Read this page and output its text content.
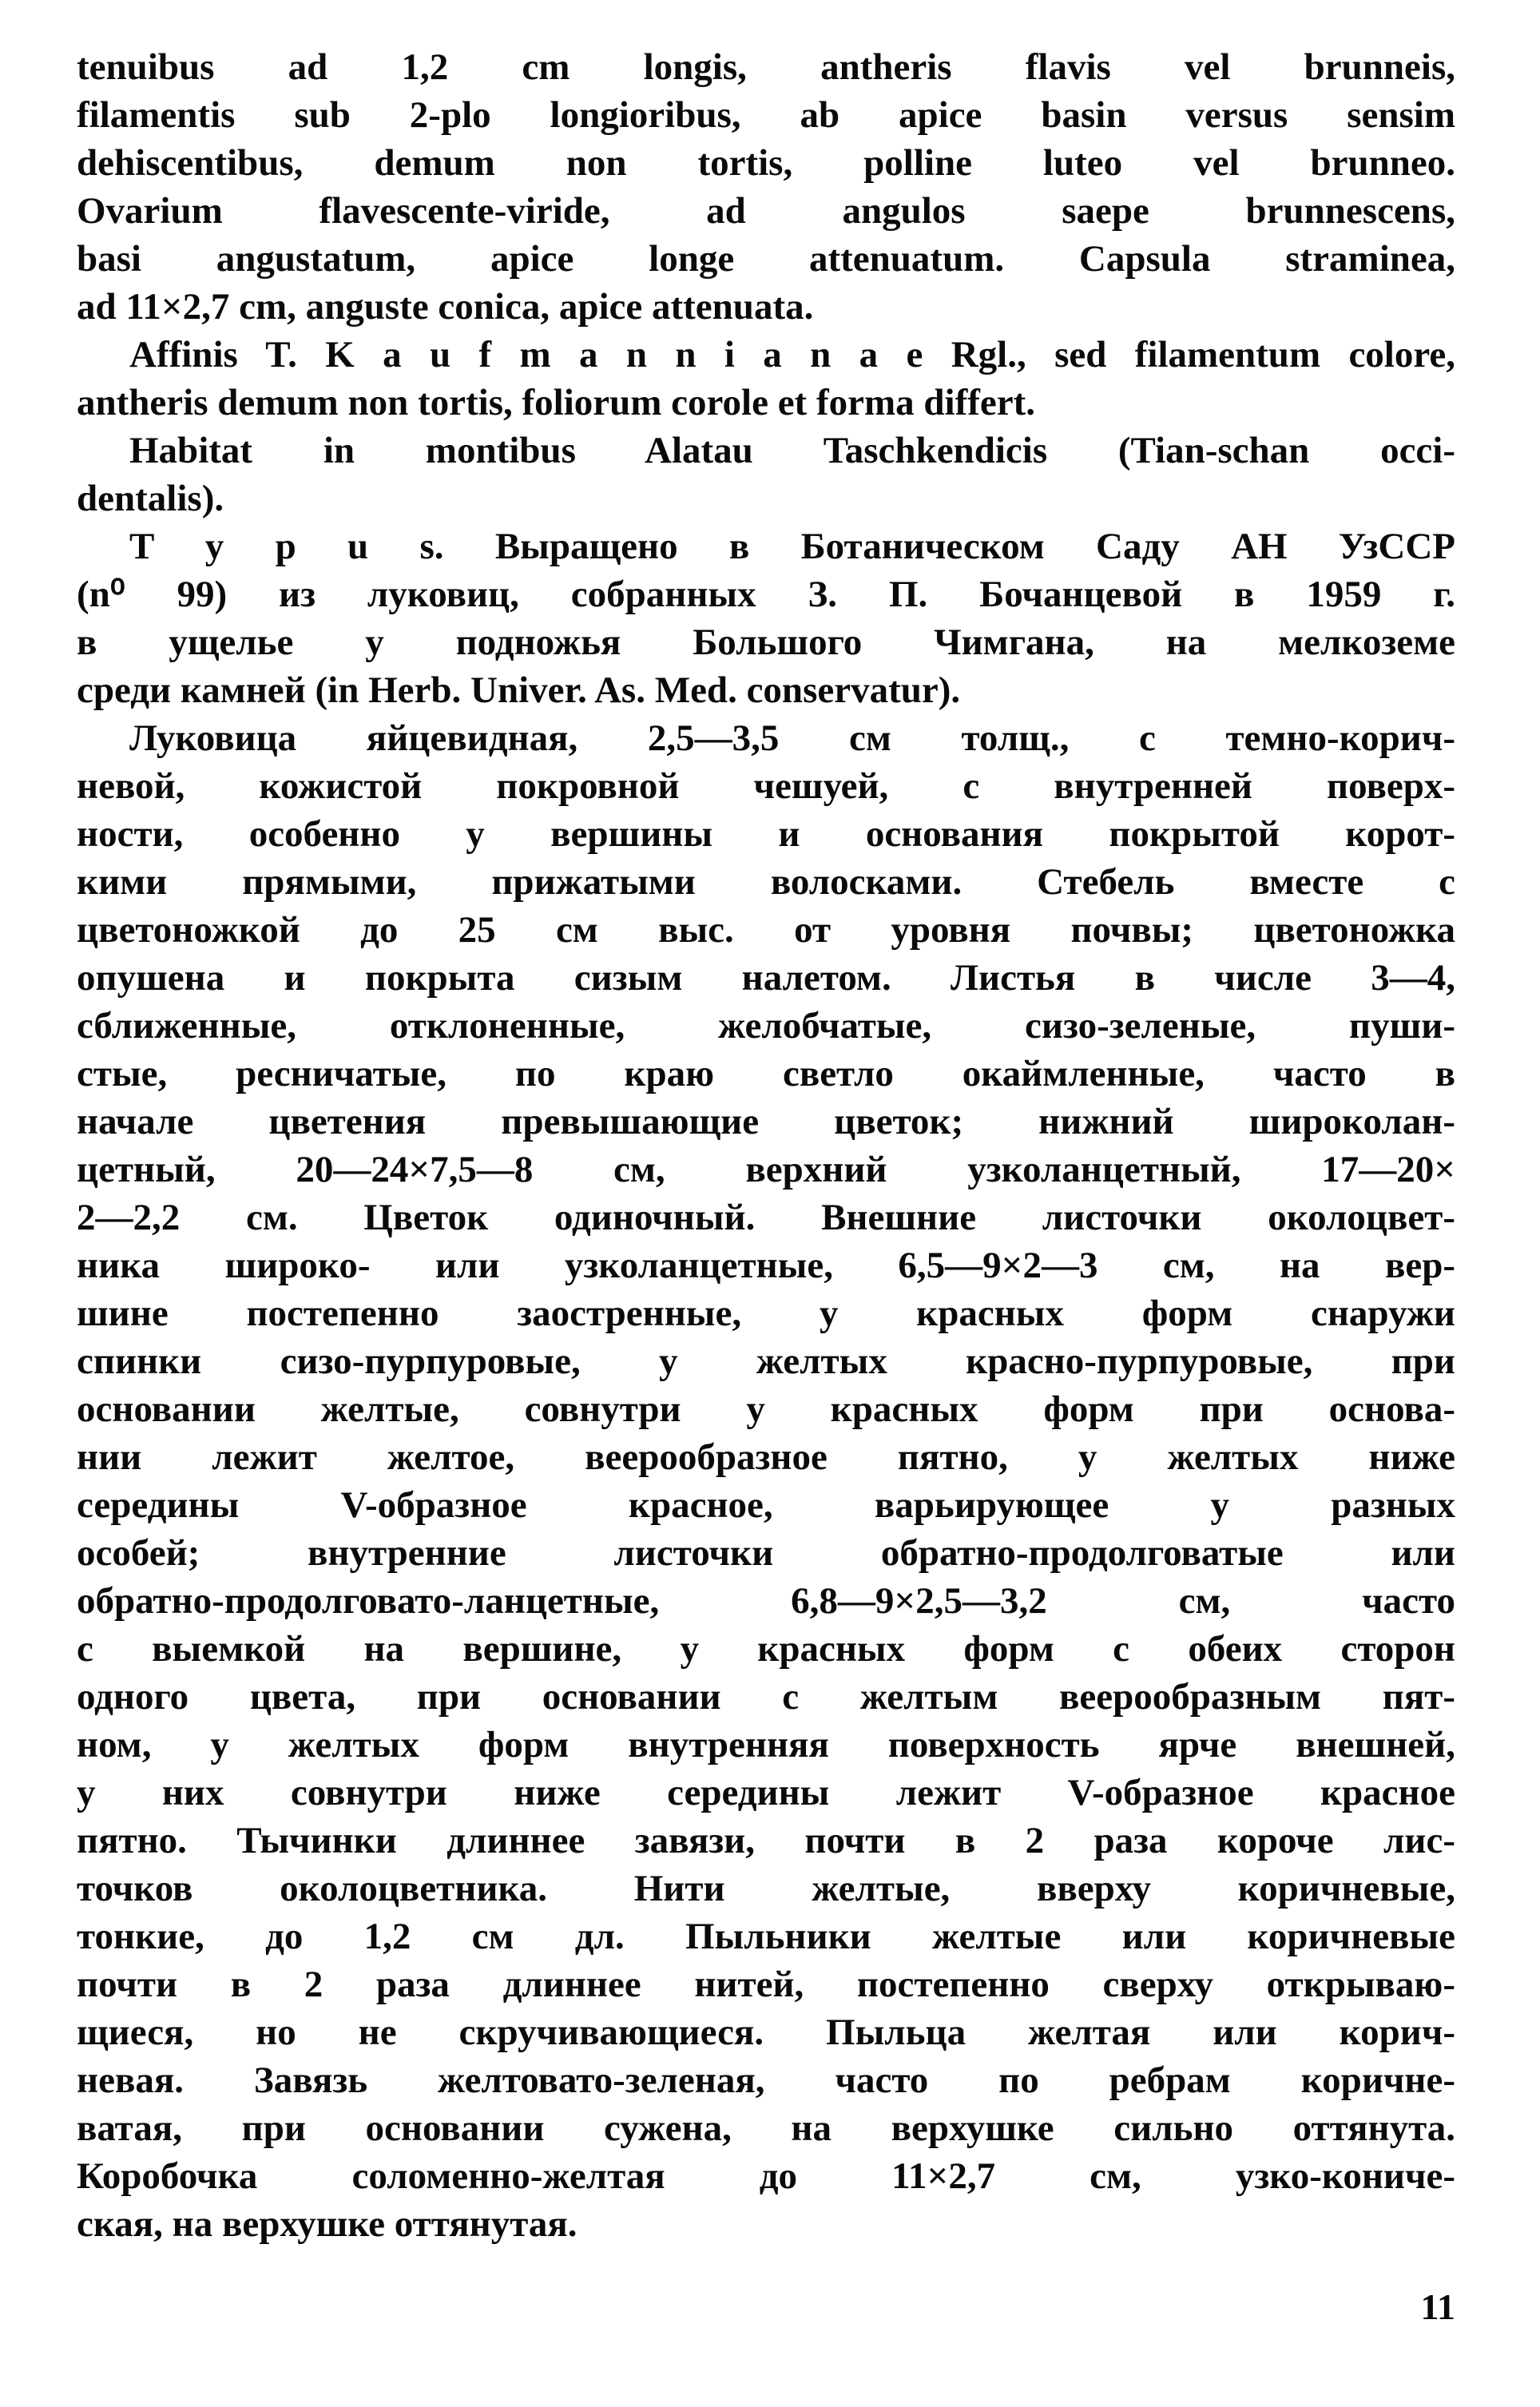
tenuibus ad 1,2 cm longis, antheris flavis vel brunneis,
filamentis sub 2-plo longioribus, ab apice basin versus sensim
dehiscentibus, demum non tortis, polline luteo vel brunneo.
Ovarium flavescente-viride, ad angulos saepe brunnescens,
basi angustatum, apice longe attenuatum. Capsula straminea,
ad 11×2,7 cm, anguste conica, apice attenuata.
Affinis T. K a u f m a n n i a n a e Rgl., sed filamentum colore,
antheris demum non tortis, foliorum corole et forma differt.
Habitat in montibus Alatau Taschkendicis (Tian-schan occi-
dentalis).
T y p u s. Выращено в Ботаническом Саду АН УзССР
(n⁰ 99) из луковиц, собранных З. П. Бочанцевой в 1959 г.
в ущелье у подножья Большого Чимгана, на мелкоземе
среди камней (in Herb. Univer. As. Med. conservatur).
Луковица яйцевидная, 2,5—3,5 см толщ., с темно-корич-
невой, кожистой покровной чешуей, с внутренней поверх-
ности, особенно у вершины и основания покрытой корот-
кими прямыми, прижатыми волосками. Стебель вместе с
цветоножкой до 25 см выс. от уровня почвы; цветоножка
опушена и покрыта сизым налетом. Листья в числе 3—4,
сближенные, отклоненные, желобчатые, сизо-зеленые, пуши-
стые, ресничатые, по краю светло окаймленные, часто в
начале цветения превышающие цветок; нижний широколан-
цетный, 20—24×7,5—8 см, верхний узколанцетный, 17—20×
2—2,2 см. Цветок одиночный. Внешние листочки околоцвет-
ника широко- или узколанцетные, 6,5—9×2—3 см, на вер-
шине постепенно заостренные, у красных форм снаружи
спинки сизо-пурпуровые, у желтых красно-пурпуровые, при
основании желтые, совнутри у красных форм при основа-
нии лежит желтое, веерообразное пятно, у желтых ниже
середины V-образное красное, варьирующее у разных
особей; внутренние листочки обратно-продолговатые или
обратно-продолговато-ланцетные, 6,8—9×2,5—3,2 см, часто
с выемкой на вершине, у красных форм с обеих сторон
одного цвета, при основании с желтым веерообразным пят-
ном, у желтых форм внутренняя поверхность ярче внешней,
у них совнутри ниже середины лежит V-образное красное
пятно. Тычинки длиннее завязи, почти в 2 раза короче лис-
точков околоцветника. Нити желтые, вверху коричневые,
тонкие, до 1,2 см дл. Пыльники желтые или коричневые
почти в 2 раза длиннее нитей, постепенно сверху открываю-
щиеся, но не скручивающиеся. Пыльца желтая или корич-
невая. Завязь желтовато-зеленая, часто по ребрам коричне-
ватая, при основании сужена, на верхушке сильно оттянута.
Коробочка соломенно-желтая до 11×2,7 см, узко-кониче-
ская, на верхушке оттянутая.
11
